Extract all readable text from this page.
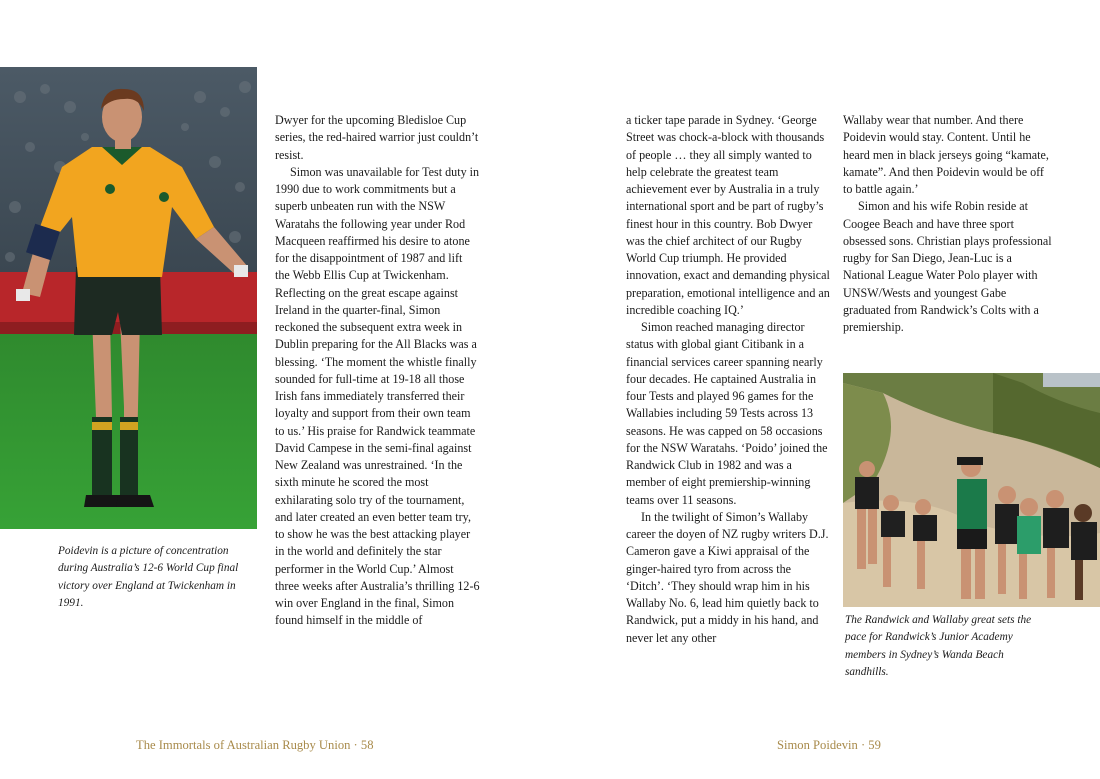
Poidevin is a picture of concentration during Australia’s 12-6 World Cup final victory over England at Twickenham in 1991.

Dwyer for the upcoming Bledisloe Cup series, the red-haired warrior just couldn’t resist.

Simon was unavailable for Test duty in 1990 due to work commitments but a superb unbeaten run with the NSW Waratahs the following year under Rod Macqueen reaffirmed his desire to atone for the disappointment of 1987 and lift the Webb Ellis Cup at Twickenham. Reflecting on the great escape against Ireland in the quarter-final, Simon reckoned the subsequent extra week in Dublin preparing for the All Blacks was a blessing. ‘The moment the whistle finally sounded for full-time at 19-18 all those Irish fans immediately transferred their loyalty and support from their own team to us.’ His praise for Randwick teammate David Campese in the semi-final against New Zealand was unrestrained. ‘In the sixth minute he scored the most exhilarating solo try of the tournament, and later created an even better team try, to show he was the best attacking player in the world and definitely the star performer in the World Cup.’ Almost three weeks after Australia’s thrilling 12-6 win over England in the final, Simon found himself in the middle of

a ticker tape parade in Sydney. ‘George Street was chock-a-block with thousands of people … they all simply wanted to help celebrate the greatest team achievement ever by Australia in a truly international sport and be part of rugby’s finest hour in this country. Bob Dwyer was the chief architect of our Rugby World Cup triumph. He provided innovation, exact and demanding physical preparation, emotional intelligence and an incredible coaching IQ.’

Simon reached managing director status with global giant Citibank in a financial services career spanning nearly four decades. He captained Australia in four Tests and played 96 games for the Wallabies including 59 Tests across 13 seasons. He was capped on 58 occasions for the NSW Waratahs. ‘Poido’ joined the Randwick Club in 1982 and was a member of eight premiership-winning teams over 11 seasons.

In the twilight of Simon’s Wallaby career the doyen of NZ rugby writers D.J. Cameron gave a Kiwi appraisal of the ginger-haired tyro from across the ‘Ditch’. ‘They should wrap him in his Wallaby No. 6, lead him quietly back to Randwick, put a middy in his hand, and never let any other

Wallaby wear that number. And there Poidevin would stay. Content. Until he heard men in black jerseys going “kamate, kamate”. And then Poidevin would be off to battle again.’

Simon and his wife Robin reside at Coogee Beach and have three sport obsessed sons. Christian plays professional rugby for San Diego, Jean-Luc is a National League Water Polo player with UNSW/Wests and youngest Gabe graduated from Randwick’s Colts with a premiership.

The Randwick and Wallaby great sets the pace for Randwick’s Junior Academy members in Sydney’s Wanda Beach sandhills.
The Immortals of Australian Rugby Union · 58	Simon Poidevin · 59
